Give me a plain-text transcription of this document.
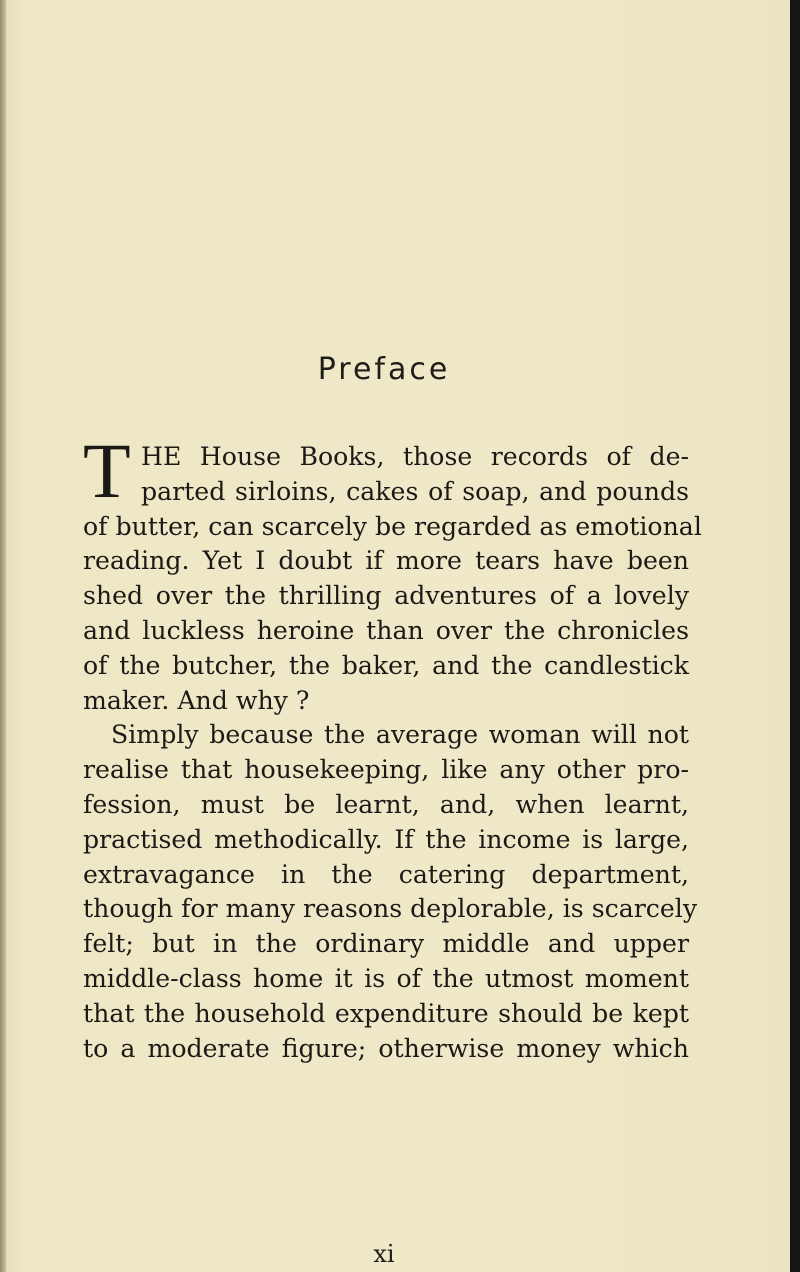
Preface
T HE House Books, those records of de-
parted sirloins, cakes of soap, and pounds
of butter, can scarcely be regarded as emotional
reading. Yet I doubt if more tears have been
shed over the thrilling adventures of a lovely
and luckless heroine than over the chronicles
of the butcher, the baker, and the candlestick
maker. And why ?
Simply because the average woman will not
realise that housekeeping, like any other pro-
fession, must be learnt, and, when learnt,
practised methodically. If the income is large,
extravagance in the catering department,
though for many reasons deplorable, is scarcely
felt; but in the ordinary middle and upper
middle-class home it is of the utmost moment
that the household expenditure should be kept
to a moderate figure; otherwise money which
xi
